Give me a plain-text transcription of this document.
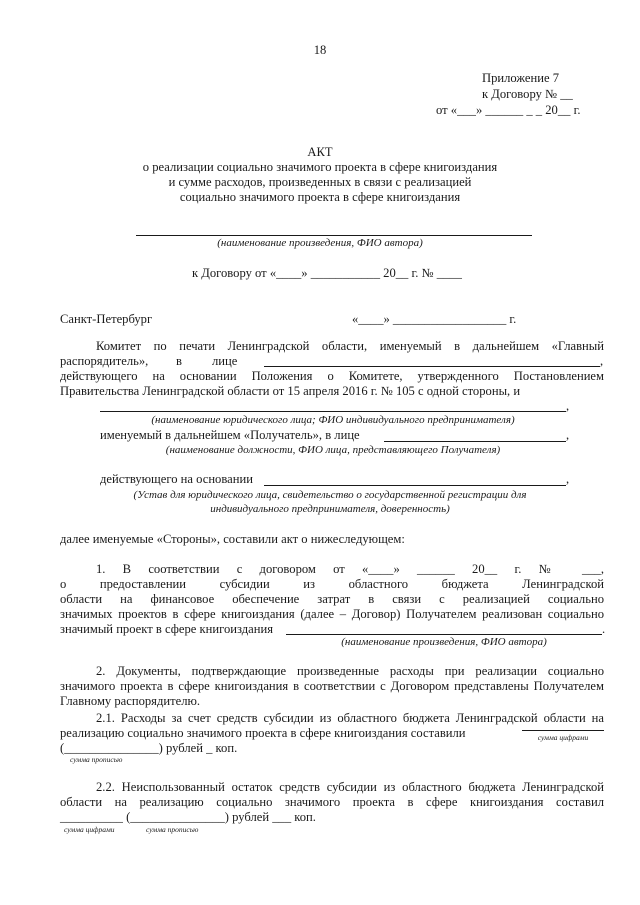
18
Приложение 7
к Договору № __
от «___» ______ _ _ 20__ г.
АКТ
о реализации социально значимого проекта в сфере книгоиздания
и сумме расходов, произведенных в связи с реализацией
социально значимого проекта в сфере книгоиздания
(наименование произведения, ФИО автора)
к Договору от «____» ___________ 20__ г. № ____
Санкт-Петербург	«____» __________________ г.
Комитет по печати Ленинградской области, именуемый в дальнейшем «Главный
распорядитель», в лице	,
действующего на основании Положения о Комитете, утвержденного Постановлением
Правительства Ленинградской области от 15 апреля 2016 г. № 105 с одной стороны, и
,
(наименование юридического лица; ФИО индивидуального предпринимателя)
именуемый в дальнейшем «Получатель», в лице	,
(наименование должности, ФИО лица, представляющего Получателя)
действующего на основании	,
(Устав для юридического лица, свидетельство о государственной регистрации для
индивидуального предпринимателя, доверенность)
далее именуемые «Стороны», составили акт о нижеследующем:
1. В соответствии с договором от «____» ______ 20__ г. № ___,
о предоставлении субсидии из областного бюджета Ленинградской
области на финансовое обеспечение затрат в связи с реализацией социально
значимых проектов в сфере книгоиздания (далее – Договор) Получателем реализован социально
значимый проект в сфере книгоиздания	.
(наименование произведения, ФИО автора)
2. Документы, подтверждающие произведенные расходы при реализации социально
значимого проекта в сфере книгоиздания в соответствии с Договором представлены Получателем
Главному распорядителю.
2.1. Расходы за счет средств субсидии из областного бюджета Ленинградской области на
реализацию социально значимого проекта в сфере книгоиздания составили	сумма цифрами
(_______________) рублей _ коп.
сумма прописью
2.2. Неиспользованный остаток средств субсидии из областного бюджета Ленинградской
области на реализацию социально значимого проекта в сфере книгоиздания составил
__________ (_______________) рублей ___ коп.
сумма цифрами	сумма прописью
